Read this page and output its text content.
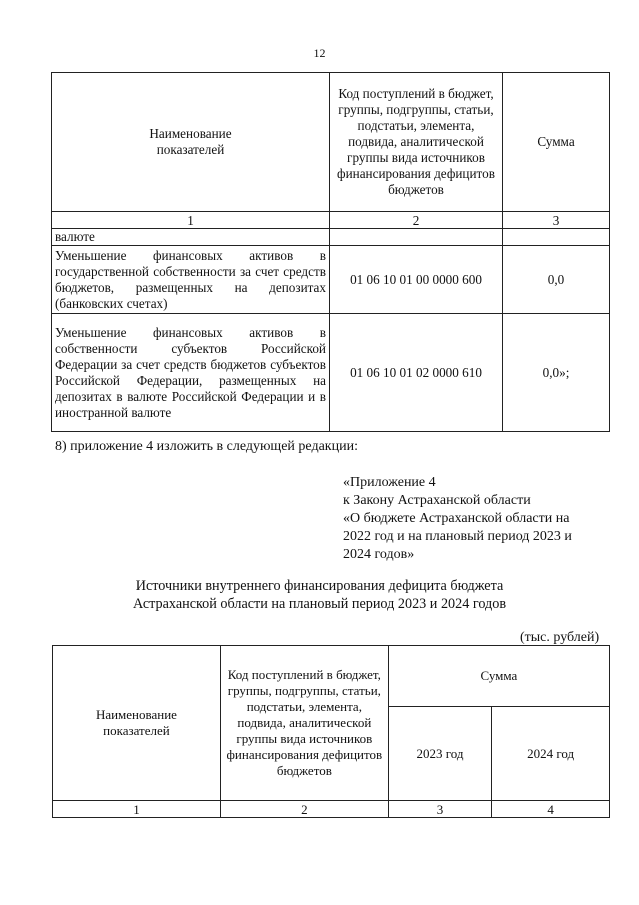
12
Наименование показателей	Код поступлений в бюджет, группы, подгруппы, статьи, подстатьи, элемента, подвида, аналитической группы вида источников финансирования дефицитов бюджетов	Сумма
1	2	3
валюте		
Уменьшение финансовых активов в государственной собственности за счет средств бюджетов, размещенных на депозитах (банковских счетах)	01 06 10 01 00 0000 600	0,0
Уменьшение финансовых активов в собственности субъектов Российской Федерации за счет средств бюджетов субъектов Российской Федерации, размещенных на депозитах в валюте Российской Федерации и в иностранной валюте	01 06 10 01 02 0000 610	0,0»;
8) приложение 4 изложить в следующей редакции:
«Приложение 4
к Закону Астраханской области
«О бюджете Астраханской области на
2022 год и на плановый период 2023 и
2024 годов»
Источники внутреннего финансирования дефицита бюджета
Астраханской области на плановый период 2023 и 2024 годов
(тыс. рублей)
Наименование показателей	Код поступлений в бюджет, группы, подгруппы, статьи, подстатьи, элемента, подвида, аналитической группы вида источников финансирования дефицитов бюджетов	Сумма	
		2023 год	2024 год
1	2	3	4
